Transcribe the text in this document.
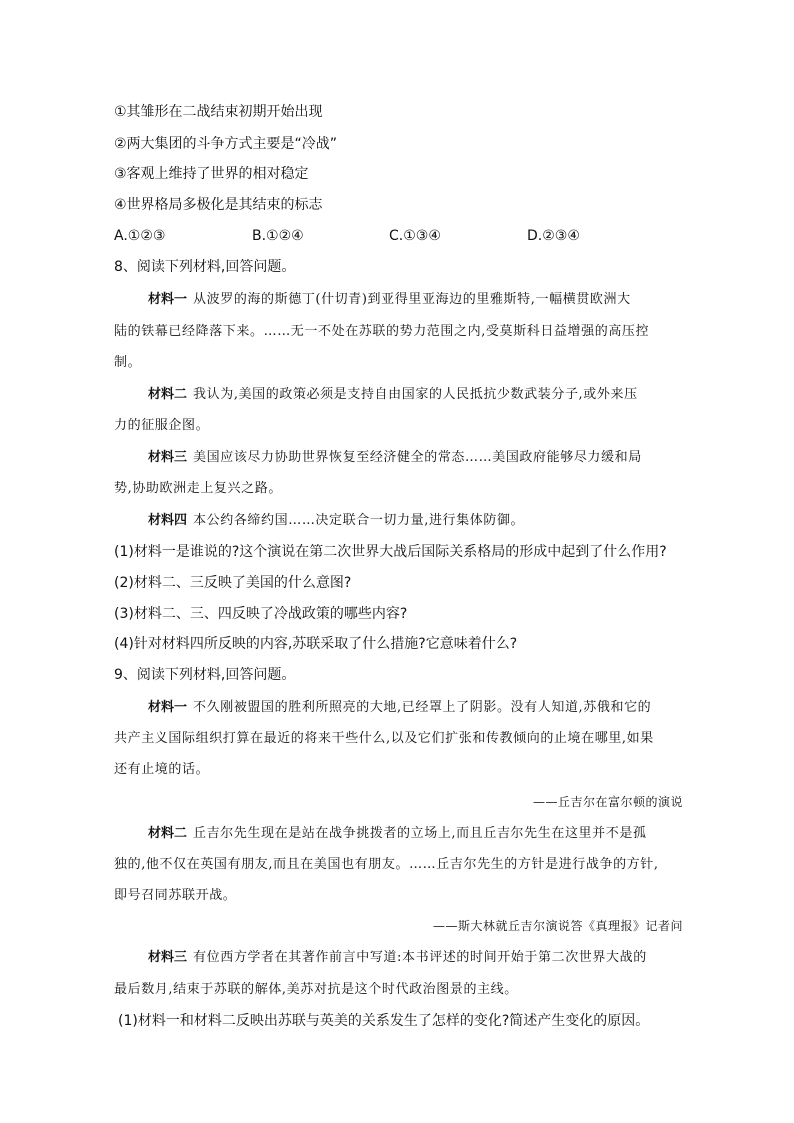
①其雏形在二战结束初期开始出现
②两大集团的斗争方式主要是“冷战”
③客观上维持了世界的相对稳定
④世界格局多极化是其结束的标志
A.①②③	B.①②④	C.①③④	D.②③④
8、阅读下列材料,回答问题。
材料一 从波罗的海的斯德丁(什切青)到亚得里亚海边的里雅斯特,一幅横贯欧洲大
陆的铁幕已经降落下来。……无一不处在苏联的势力范围之内,受莫斯科日益增强的高压控
制。
材料二 我认为,美国的政策必须是支持自由国家的人民抵抗少数武装分子,或外来压
力的征服企图。
材料三 美国应该尽力协助世界恢复至经济健全的常态……美国政府能够尽力缓和局
势,协助欧洲走上复兴之路。
材料四 本公约各缔约国……决定联合一切力量,进行集体防御。
(1)材料一是谁说的?这个演说在第二次世界大战后国际关系格局的形成中起到了什么作用?
(2)材料二、三反映了美国的什么意图?
(3)材料二、三、四反映了冷战政策的哪些内容?
(4)针对材料四所反映的内容,苏联采取了什么措施?它意味着什么?
9、阅读下列材料,回答问题。
材料一 不久刚被盟国的胜利所照亮的大地,已经罩上了阴影。没有人知道,苏俄和它的
共产主义国际组织打算在最近的将来干些什么,以及它们扩张和传教倾向的止境在哪里,如果
还有止境的话。
——丘吉尔在富尔顿的演说
材料二 丘吉尔先生现在是站在战争挑拨者的立场上,而且丘吉尔先生在这里并不是孤
独的,他不仅在英国有朋友,而且在美国也有朋友。……丘吉尔先生的方针是进行战争的方针,
即号召同苏联开战。
——斯大林就丘吉尔演说答《真理报》记者问
材料三 有位西方学者在其著作前言中写道:本书评述的时间开始于第二次世界大战的
最后数月,结束于苏联的解体,美苏对抗是这个时代政治图景的主线。
(1)材料一和材料二反映出苏联与英美的关系发生了怎样的变化?简述产生变化的原因。
